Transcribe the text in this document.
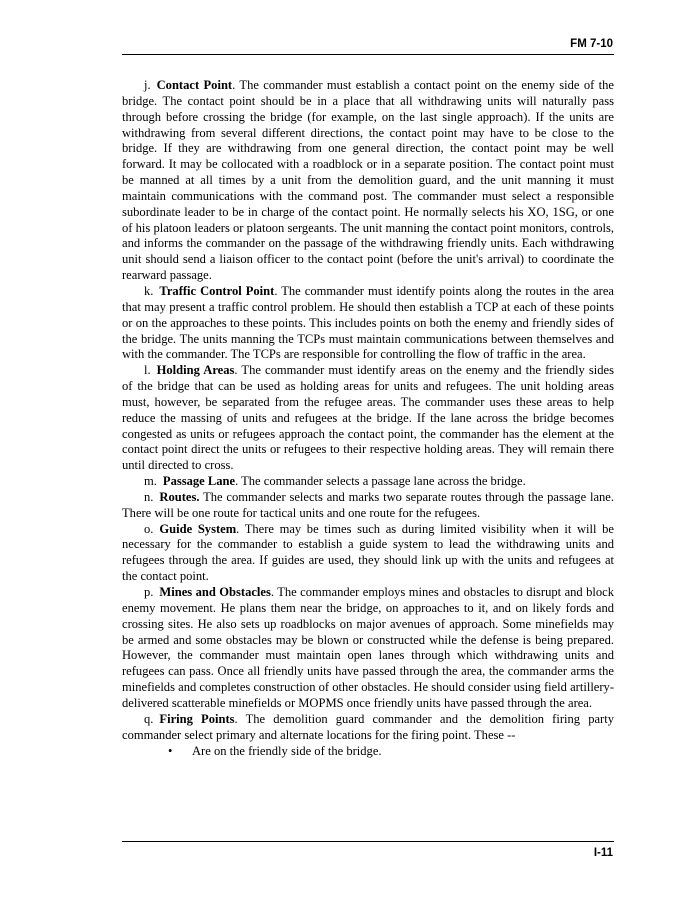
FM 7-10

j. Contact Point. The commander must establish a contact point on the enemy side of the bridge. The contact point should be in a place that all withdrawing units will naturally pass through before crossing the bridge (for example, on the last single approach). If the units are withdrawing from several different directions, the contact point may have to be close to the bridge. If they are withdrawing from one general direction, the contact point may be well forward. It may be collocated with a roadblock or in a separate position. The contact point must be manned at all times by a unit from the demolition guard, and the unit manning it must maintain communications with the command post. The commander must select a responsible subordinate leader to be in charge of the contact point. He normally selects his XO, 1SG, or one of his platoon leaders or platoon sergeants. The unit manning the contact point monitors, controls, and informs the commander on the passage of the withdrawing friendly units. Each withdrawing unit should send a liaison officer to the contact point (before the unit's arrival) to coordinate the rearward passage.

k. Traffic Control Point. The commander must identify points along the routes in the area that may present a traffic control problem. He should then establish a TCP at each of these points or on the approaches to these points. This includes points on both the enemy and friendly sides of the bridge. The units manning the TCPs must maintain communications between themselves and with the commander. The TCPs are responsible for controlling the flow of traffic in the area.

l. Holding Areas. The commander must identify areas on the enemy and the friendly sides of the bridge that can be used as holding areas for units and refugees. The unit holding areas must, however, be separated from the refugee areas. The commander uses these areas to help reduce the massing of units and refugees at the bridge. If the lane across the bridge becomes congested as units or refugees approach the contact point, the commander has the element at the contact point direct the units or refugees to their respective holding areas. They will remain there until directed to cross.

m. Passage Lane. The commander selects a passage lane across the bridge.

n. Routes. The commander selects and marks two separate routes through the passage lane. There will be one route for tactical units and one route for the refugees.

o. Guide System. There may be times such as during limited visibility when it will be necessary for the commander to establish a guide system to lead the withdrawing units and refugees through the area. If guides are used, they should link up with the units and refugees at the contact point.

p. Mines and Obstacles. The commander employs mines and obstacles to disrupt and block enemy movement. He plans them near the bridge, on approaches to it, and on likely fords and crossing sites. He also sets up roadblocks on major avenues of approach. Some minefields may be armed and some obstacles may be blown or constructed while the defense is being prepared. However, the commander must maintain open lanes through which withdrawing units and refugees can pass. Once all friendly units have passed through the area, the commander arms the minefields and completes construction of other obstacles. He should consider using field artillery-delivered scatterable minefields or MOPMS once friendly units have passed through the area.

q. Firing Points. The demolition guard commander and the demolition firing party commander select primary and alternate locations for the firing point. These --

• Are on the friendly side of the bridge.
I-11
